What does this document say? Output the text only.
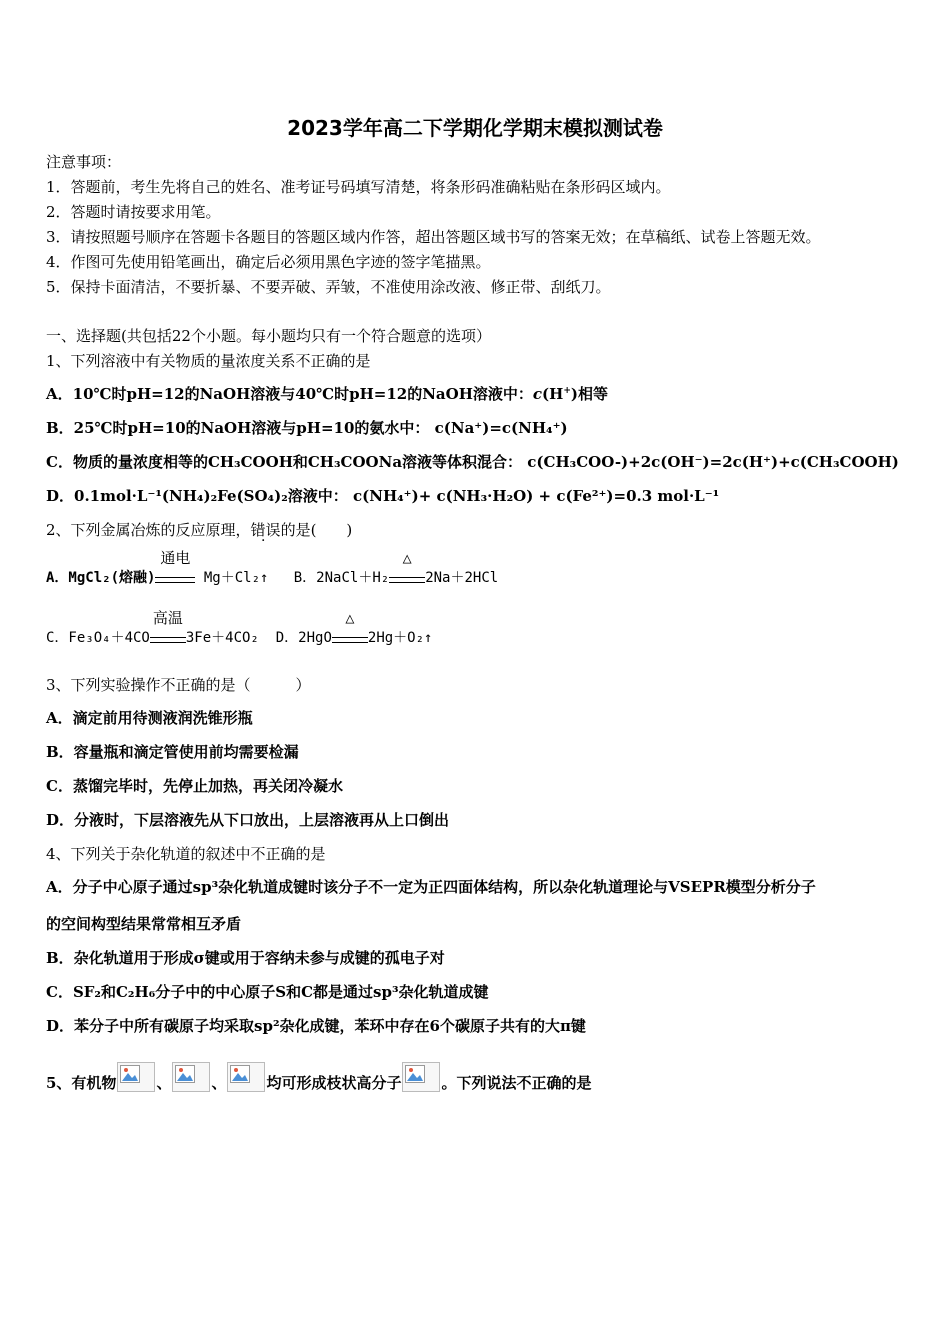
2023学年高二下学期化学期末模拟测试卷
注意事项：
1．答题前，考生先将自己的姓名、准考证号码填写清楚，将条形码准确粘贴在条形码区域内。
2．答题时请按要求用笔。
3．请按照题号顺序在答题卡各题目的答题区域内作答，超出答题区域书写的答案无效；在草稿纸、试卷上答题无效。
4．作图可先使用铅笔画出，确定后必须用黑色字迹的签字笔描黑。
5．保持卡面清洁，不要折暴、不要弄破、弄皱，不准使用涂改液、修正带、刮纸刀。
一、选择题(共包括22个小题。每小题均只有一个符合题意的选项）
1、下列溶液中有关物质的量浓度关系不正确的是
A．10℃时pH=12的NaOH溶液与40℃时pH=12的NaOH溶液中：c(H+)相等
B．25℃时pH=10的NaOH溶液与pH=10的氨水中： c(Na⁺)=c(NH₄⁺)
C．物质的量浓度相等的CH₃COOH和CH₃COONa溶液等体积混合： c(CH₃COO-)+2c(OH⁻)=2c(H⁺)+c(CH₃COOH)
D．0.1mol·L⁻¹(NH₄)₂Fe(SO₄)₂溶液中： c(NH₄⁺)+ c(NH₃·H₂O) + c(Fe²⁺)=0.3 mol·L⁻¹
2、下列金属冶炼的反应原理，错误的是(　　)
A．MgCl₂(熔融)
通电
Mg＋Cl₂↑ B．2NaCl＋H₂
△
2Na＋2HCl
C．Fe₃O₄＋4CO
高温
3Fe＋4CO₂ D．2HgO
△
2Hg＋O₂↑
3、下列实验操作不正确的是（　　　）
A．滴定前用待测液润洗锥形瓶
B．容量瓶和滴定管使用前均需要检漏
C．蒸馏完毕时，先停止加热，再关闭冷凝水
D．分液时，下层溶液先从下口放出，上层溶液再从上口倒出
4、下列关于杂化轨道的叙述中不正确的是
A．分子中心原子通过sp³杂化轨道成键时该分子不一定为正四面体结构，所以杂化轨道理论与VSEPR模型分析分子
的空间构型结果常常相互矛盾
B．杂化轨道用于形成σ键或用于容纳未参与成键的孤电子对
C．SF₂和C₂H₆分子中的中心原子S和C都是通过sp³杂化轨道成键
D．苯分子中所有碳原子均采取sp²杂化成键，苯环中存在6个碳原子共有的大π键
5、有机物	、	、	均可形成枝状高分子	。下列说法不正确的是
